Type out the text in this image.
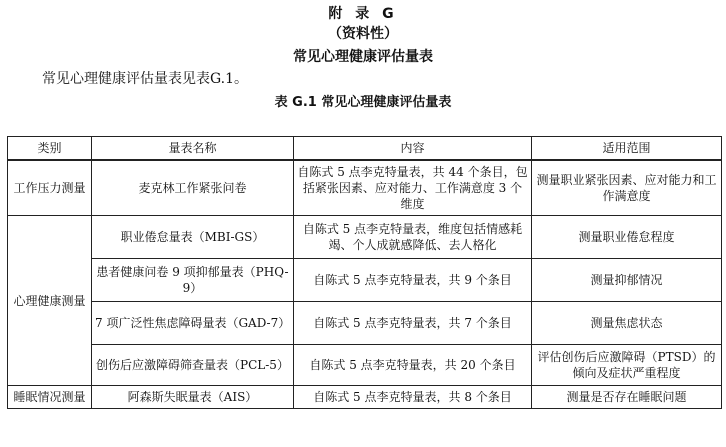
附 录 G
（资料性）
常见心理健康评估量表

常见心理健康评估量表见表G.1。

表 G.1 常见心理健康评估量表
类别	量表名称	内容	适用范围
工作压力测量	麦克林工作紧张问卷	自陈式 5 点李克特量表，共 44 个条目，包括紧张因素、应对能力、工作满意度 3 个维度	测量职业紧张因素、应对能力和工作满意度
心理健康测量	职业倦怠量表（MBI-GS）	自陈式 5 点李克特量表，维度包括情感耗竭、个人成就感降低、去人格化	测量职业倦怠程度
	患者健康问卷 9 项抑郁量表（PHQ-9）	自陈式 5 点李克特量表，共 9 个条目	测量抑郁情况
	7 项广泛性焦虑障碍量表（GAD-7）	自陈式 5 点李克特量表，共 7 个条目	测量焦虑状态
	创伤后应激障碍筛查量表（PCL-5）	自陈式 5 点李克特量表，共 20 个条目	评估创伤后应激障碍（PTSD）的倾向及症状严重程度
睡眠情况测量	阿森斯失眠量表（AIS）	自陈式 5 点李克特量表，共 8 个条目	测量是否存在睡眠问题
